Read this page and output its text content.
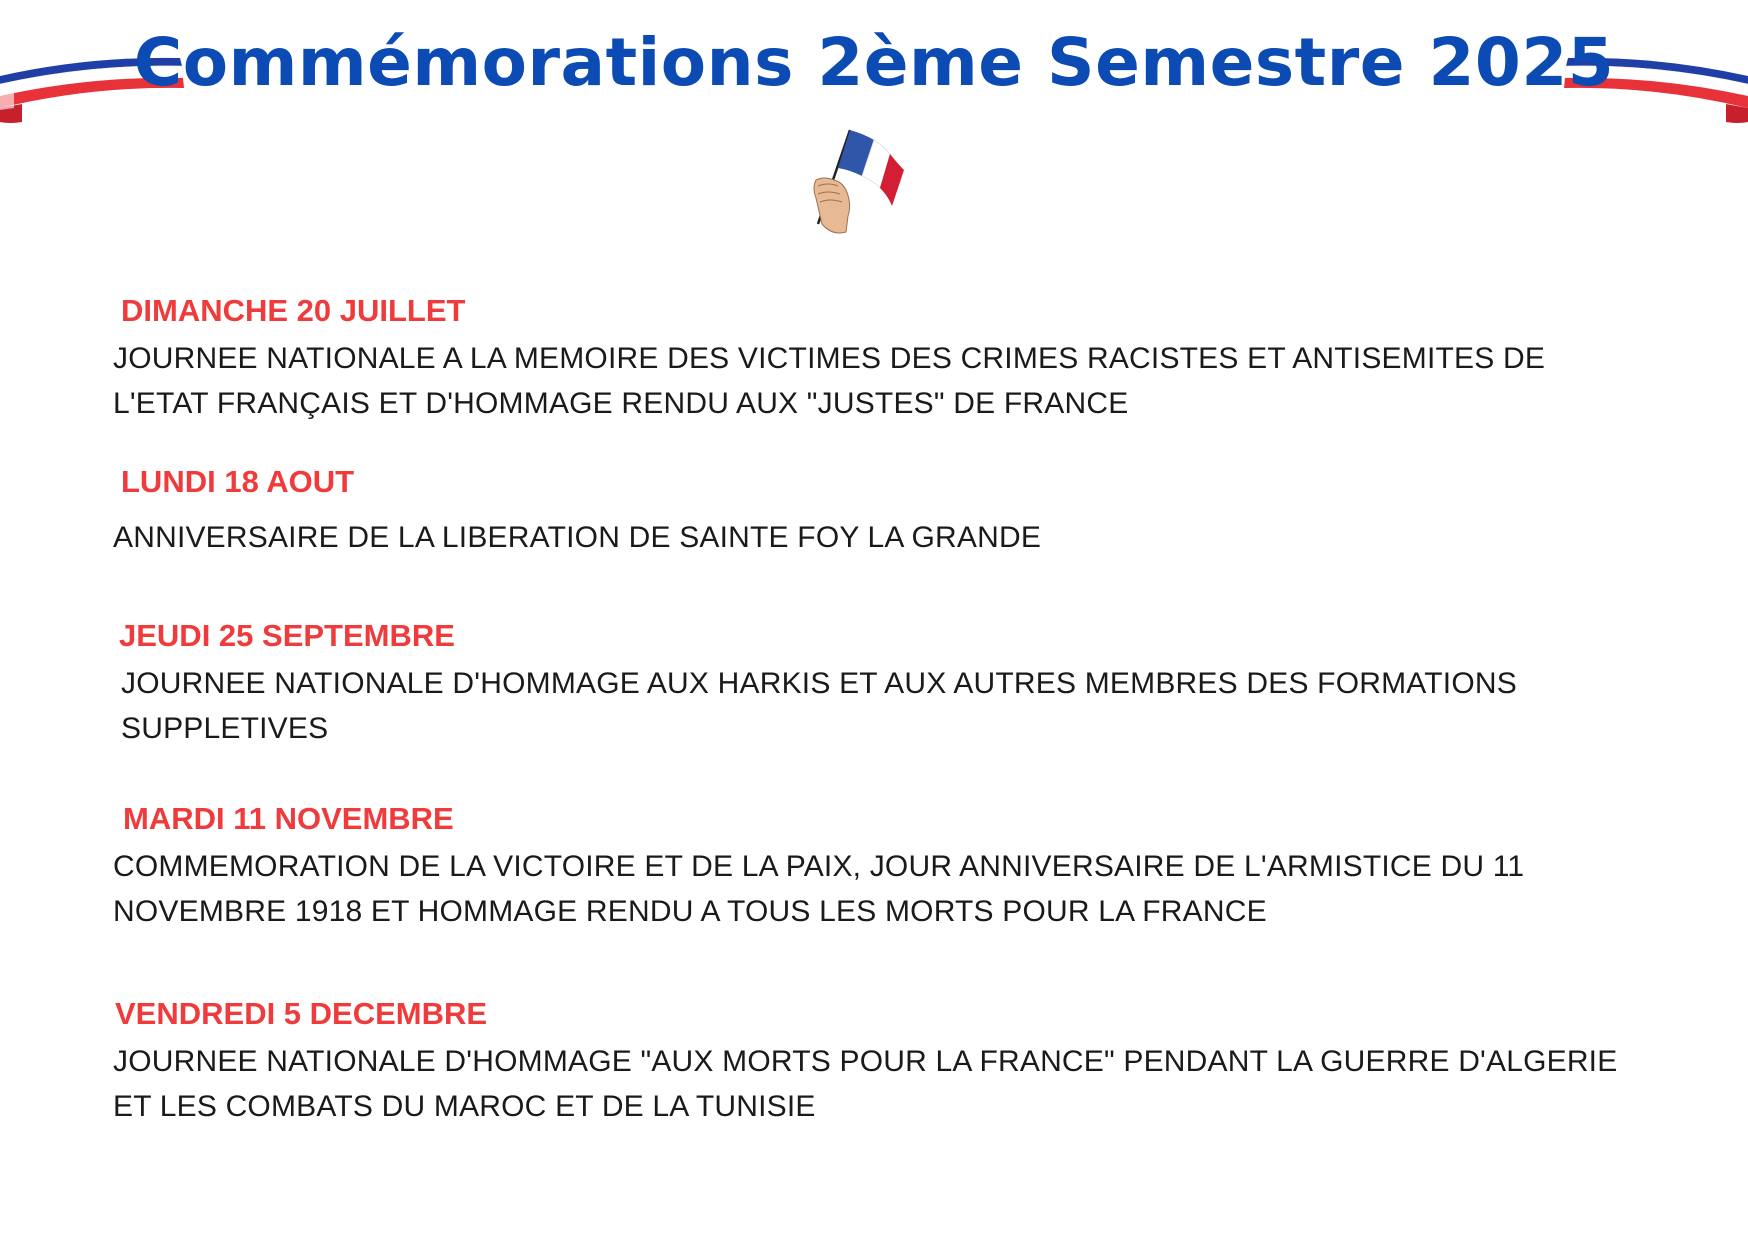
Commémorations 2ème Semestre 2025

DIMANCHE 20 JUILLET

JOURNEE NATIONALE A LA MEMOIRE DES VICTIMES DES CRIMES RACISTES ET ANTISEMITES DE L'ETAT FRANÇAIS ET D'HOMMAGE RENDU AUX "JUSTES" DE FRANCE

LUNDI 18 AOUT

ANNIVERSAIRE DE LA LIBERATION DE SAINTE FOY LA GRANDE

JEUDI 25 SEPTEMBRE

JOURNEE NATIONALE D'HOMMAGE AUX HARKIS ET AUX AUTRES MEMBRES DES FORMATIONS SUPPLETIVES

MARDI 11 NOVEMBRE

COMMEMORATION DE LA VICTOIRE ET DE LA PAIX, JOUR ANNIVERSAIRE DE L'ARMISTICE DU 11 NOVEMBRE 1918 ET HOMMAGE RENDU A TOUS LES MORTS POUR LA FRANCE

VENDREDI 5 DECEMBRE

JOURNEE NATIONALE D'HOMMAGE "AUX MORTS POUR LA FRANCE" PENDANT LA GUERRE D'ALGERIE ET LES COMBATS DU MAROC ET DE LA TUNISIE
